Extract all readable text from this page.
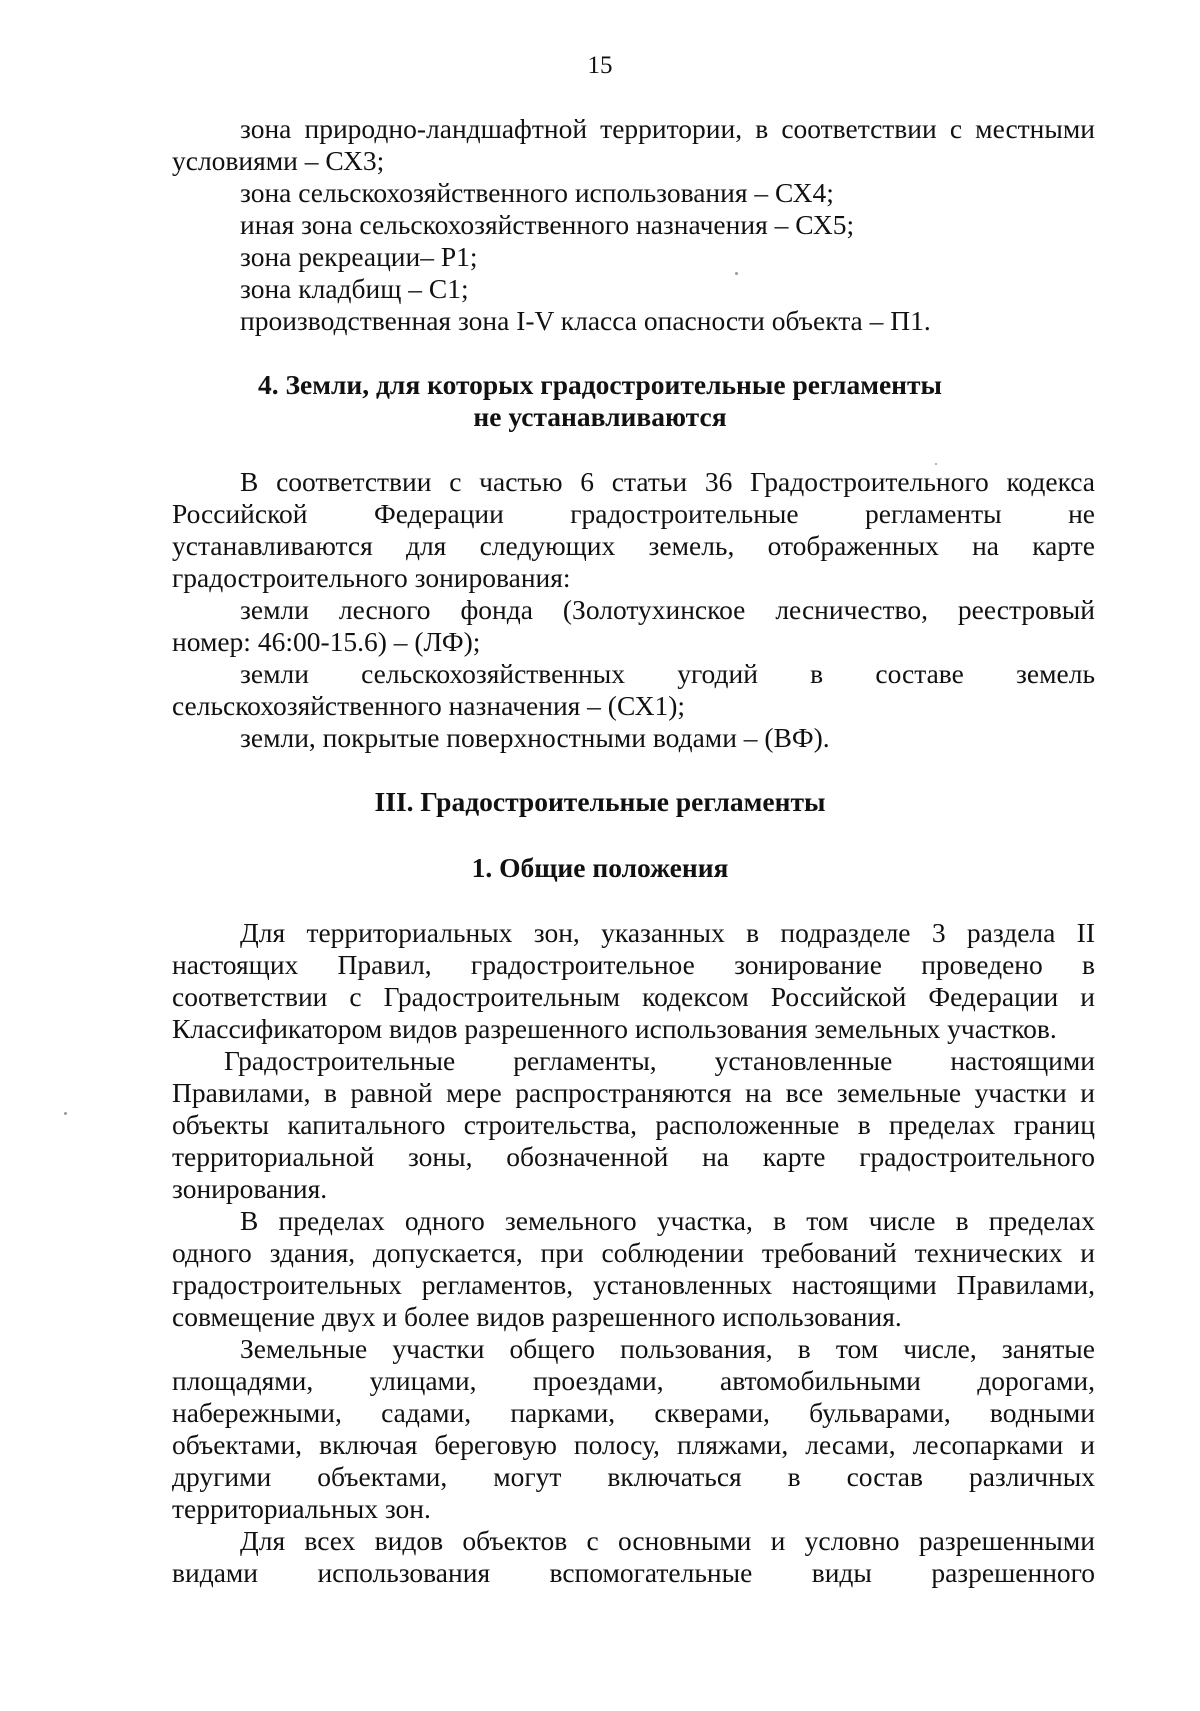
15
зона природно-ландшафтной территории, в соответствии с местными
условиями – СХ3;
зона сельскохозяйственного использования – СХ4;
иная зона сельскохозяйственного назначения – СХ5;
зона рекреации– Р1;
зона кладбищ – С1;
производственная зона I-V класса опасности объекта – П1.
4. Земли, для которых градостроительные регламенты
не устанавливаются
В соответствии с частью 6 статьи 36 Градостроительного кодекса
Российской Федерации градостроительные регламенты не
устанавливаются для следующих земель, отображенных на карте
градостроительного зонирования:
земли лесного фонда (Золотухинское лесничество, реестровый
номер: 46:00-15.6) – (ЛФ);
земли сельскохозяйственных угодий в составе земель
сельскохозяйственного назначения – (СХ1);
земли, покрытые поверхностными водами – (ВФ).
III. Градостроительные регламенты
1. Общие положения
Для территориальных зон, указанных в подразделе 3 раздела II
настоящих Правил, градостроительное зонирование проведено в
соответствии с Градостроительным кодексом Российской Федерации и
Классификатором видов разрешенного использования земельных участков.
Градостроительные регламенты, установленные настоящими
Правилами, в равной мере распространяются на все земельные участки и
объекты капитального строительства, расположенные в пределах границ
территориальной зоны, обозначенной на карте градостроительного
зонирования.
В пределах одного земельного участка, в том числе в пределах
одного здания, допускается, при соблюдении требований технических и
градостроительных регламентов, установленных настоящими Правилами,
совмещение двух и более видов разрешенного использования.
Земельные участки общего пользования, в том числе, занятые
площадями, улицами, проездами, автомобильными дорогами,
набережными, садами, парками, скверами, бульварами, водными
объектами, включая береговую полосу, пляжами, лесами, лесопарками и
другими объектами, могут включаться в состав различных
территориальных зон.
Для всех видов объектов с основными и условно разрешенными
видами использования вспомогательные виды разрешенного
